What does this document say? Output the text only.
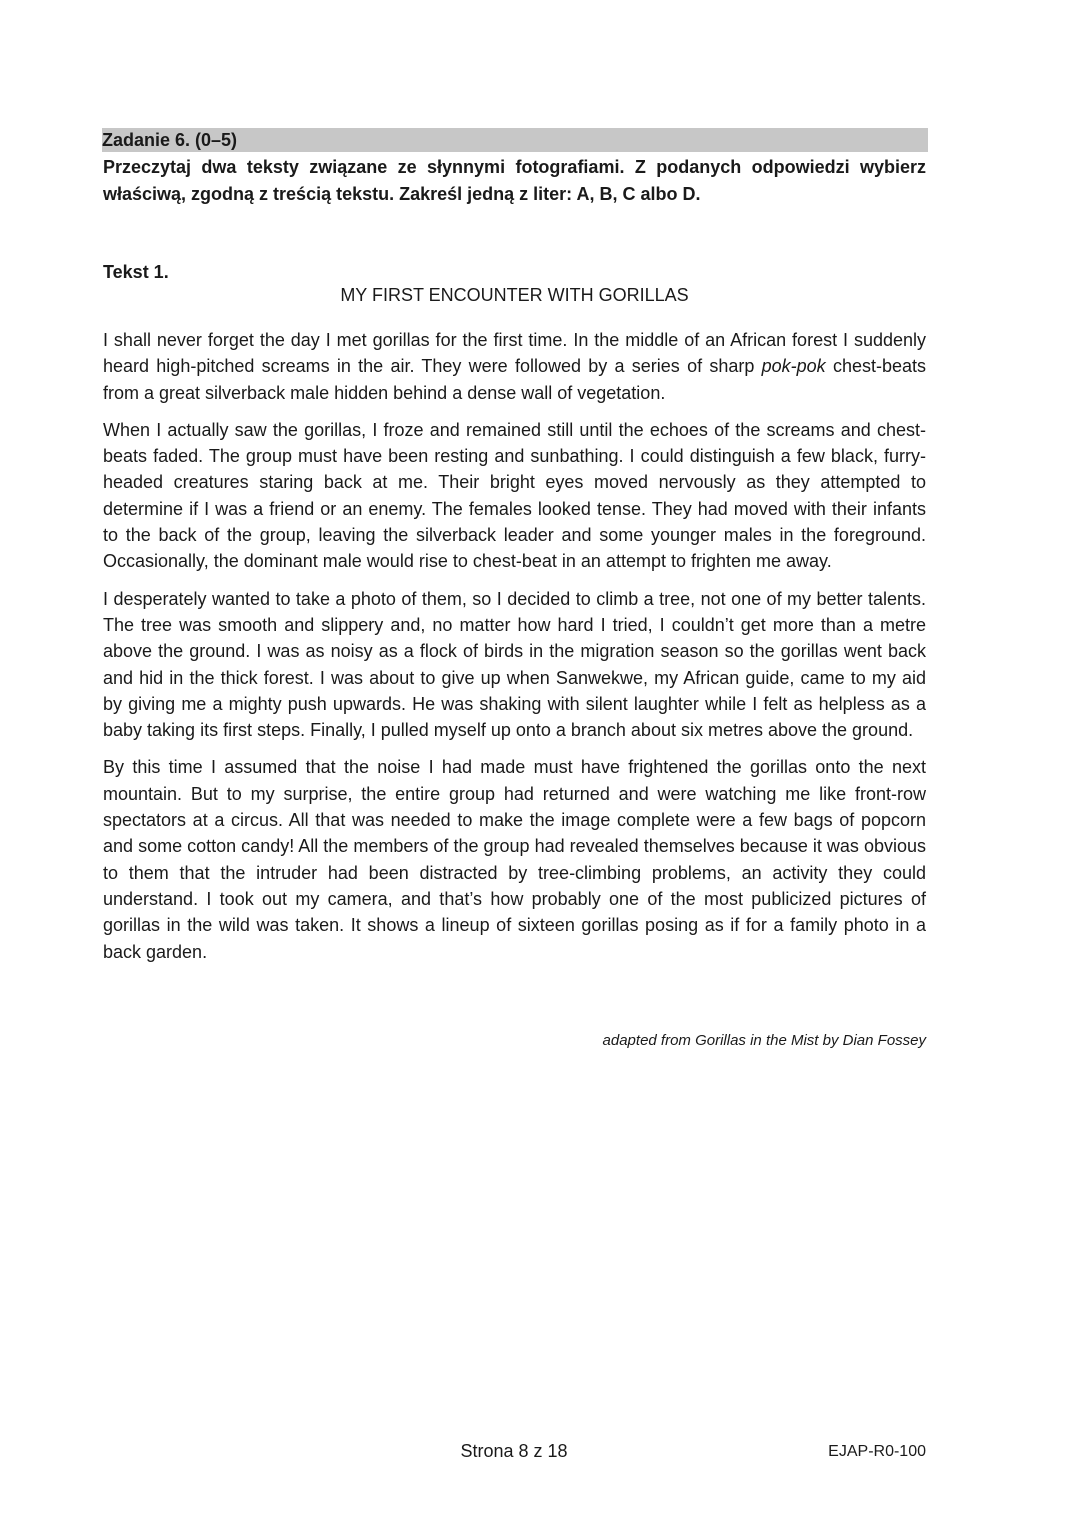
Zadanie 6. (0–5)
Przeczytaj dwa teksty związane ze słynnymi fotografiami. Z podanych odpowiedzi wybierz właściwą, zgodną z treścią tekstu. Zakreśl jedną z liter: A, B, C albo D.
Tekst 1.
MY FIRST ENCOUNTER WITH GORILLAS

I shall never forget the day I met gorillas for the first time. In the middle of an African forest I suddenly heard high-pitched screams in the air. They were followed by a series of sharp pok-pok chest-beats from a great silverback male hidden behind a dense wall of vegetation.

When I actually saw the gorillas, I froze and remained still until the echoes of the screams and chest-beats faded. The group must have been resting and sunbathing. I could distinguish a few black, furry-headed creatures staring back at me. Their bright eyes moved nervously as they attempted to determine if I was a friend or an enemy. The females looked tense. They had moved with their infants to the back of the group, leaving the silverback leader and some younger males in the foreground. Occasionally, the dominant male would rise to chest-beat in an attempt to frighten me away.

I desperately wanted to take a photo of them, so I decided to climb a tree, not one of my better talents. The tree was smooth and slippery and, no matter how hard I tried, I couldn’t get more than a metre above the ground. I was as noisy as a flock of birds in the migration season so the gorillas went back and hid in the thick forest. I was about to give up when Sanwekwe, my African guide, came to my aid by giving me a mighty push upwards. He was shaking with silent laughter while I felt as helpless as a baby taking its first steps. Finally, I pulled myself up onto a branch about six metres above the ground.

By this time I assumed that the noise I had made must have frightened the gorillas onto the next mountain. But to my surprise, the entire group had returned and were watching me like front-row spectators at a circus. All that was needed to make the image complete were a few bags of popcorn and some cotton candy! All the members of the group had revealed themselves because it was obvious to them that the intruder had been distracted by tree-climbing problems, an activity they could understand. I took out my camera, and that’s how probably one of the most publicized pictures of gorillas in the wild was taken. It shows a lineup of sixteen gorillas posing as if for a family photo in a back garden.

adapted from Gorillas in the Mist by Dian Fossey
Strona 8 z 18	EJAP-R0-100
